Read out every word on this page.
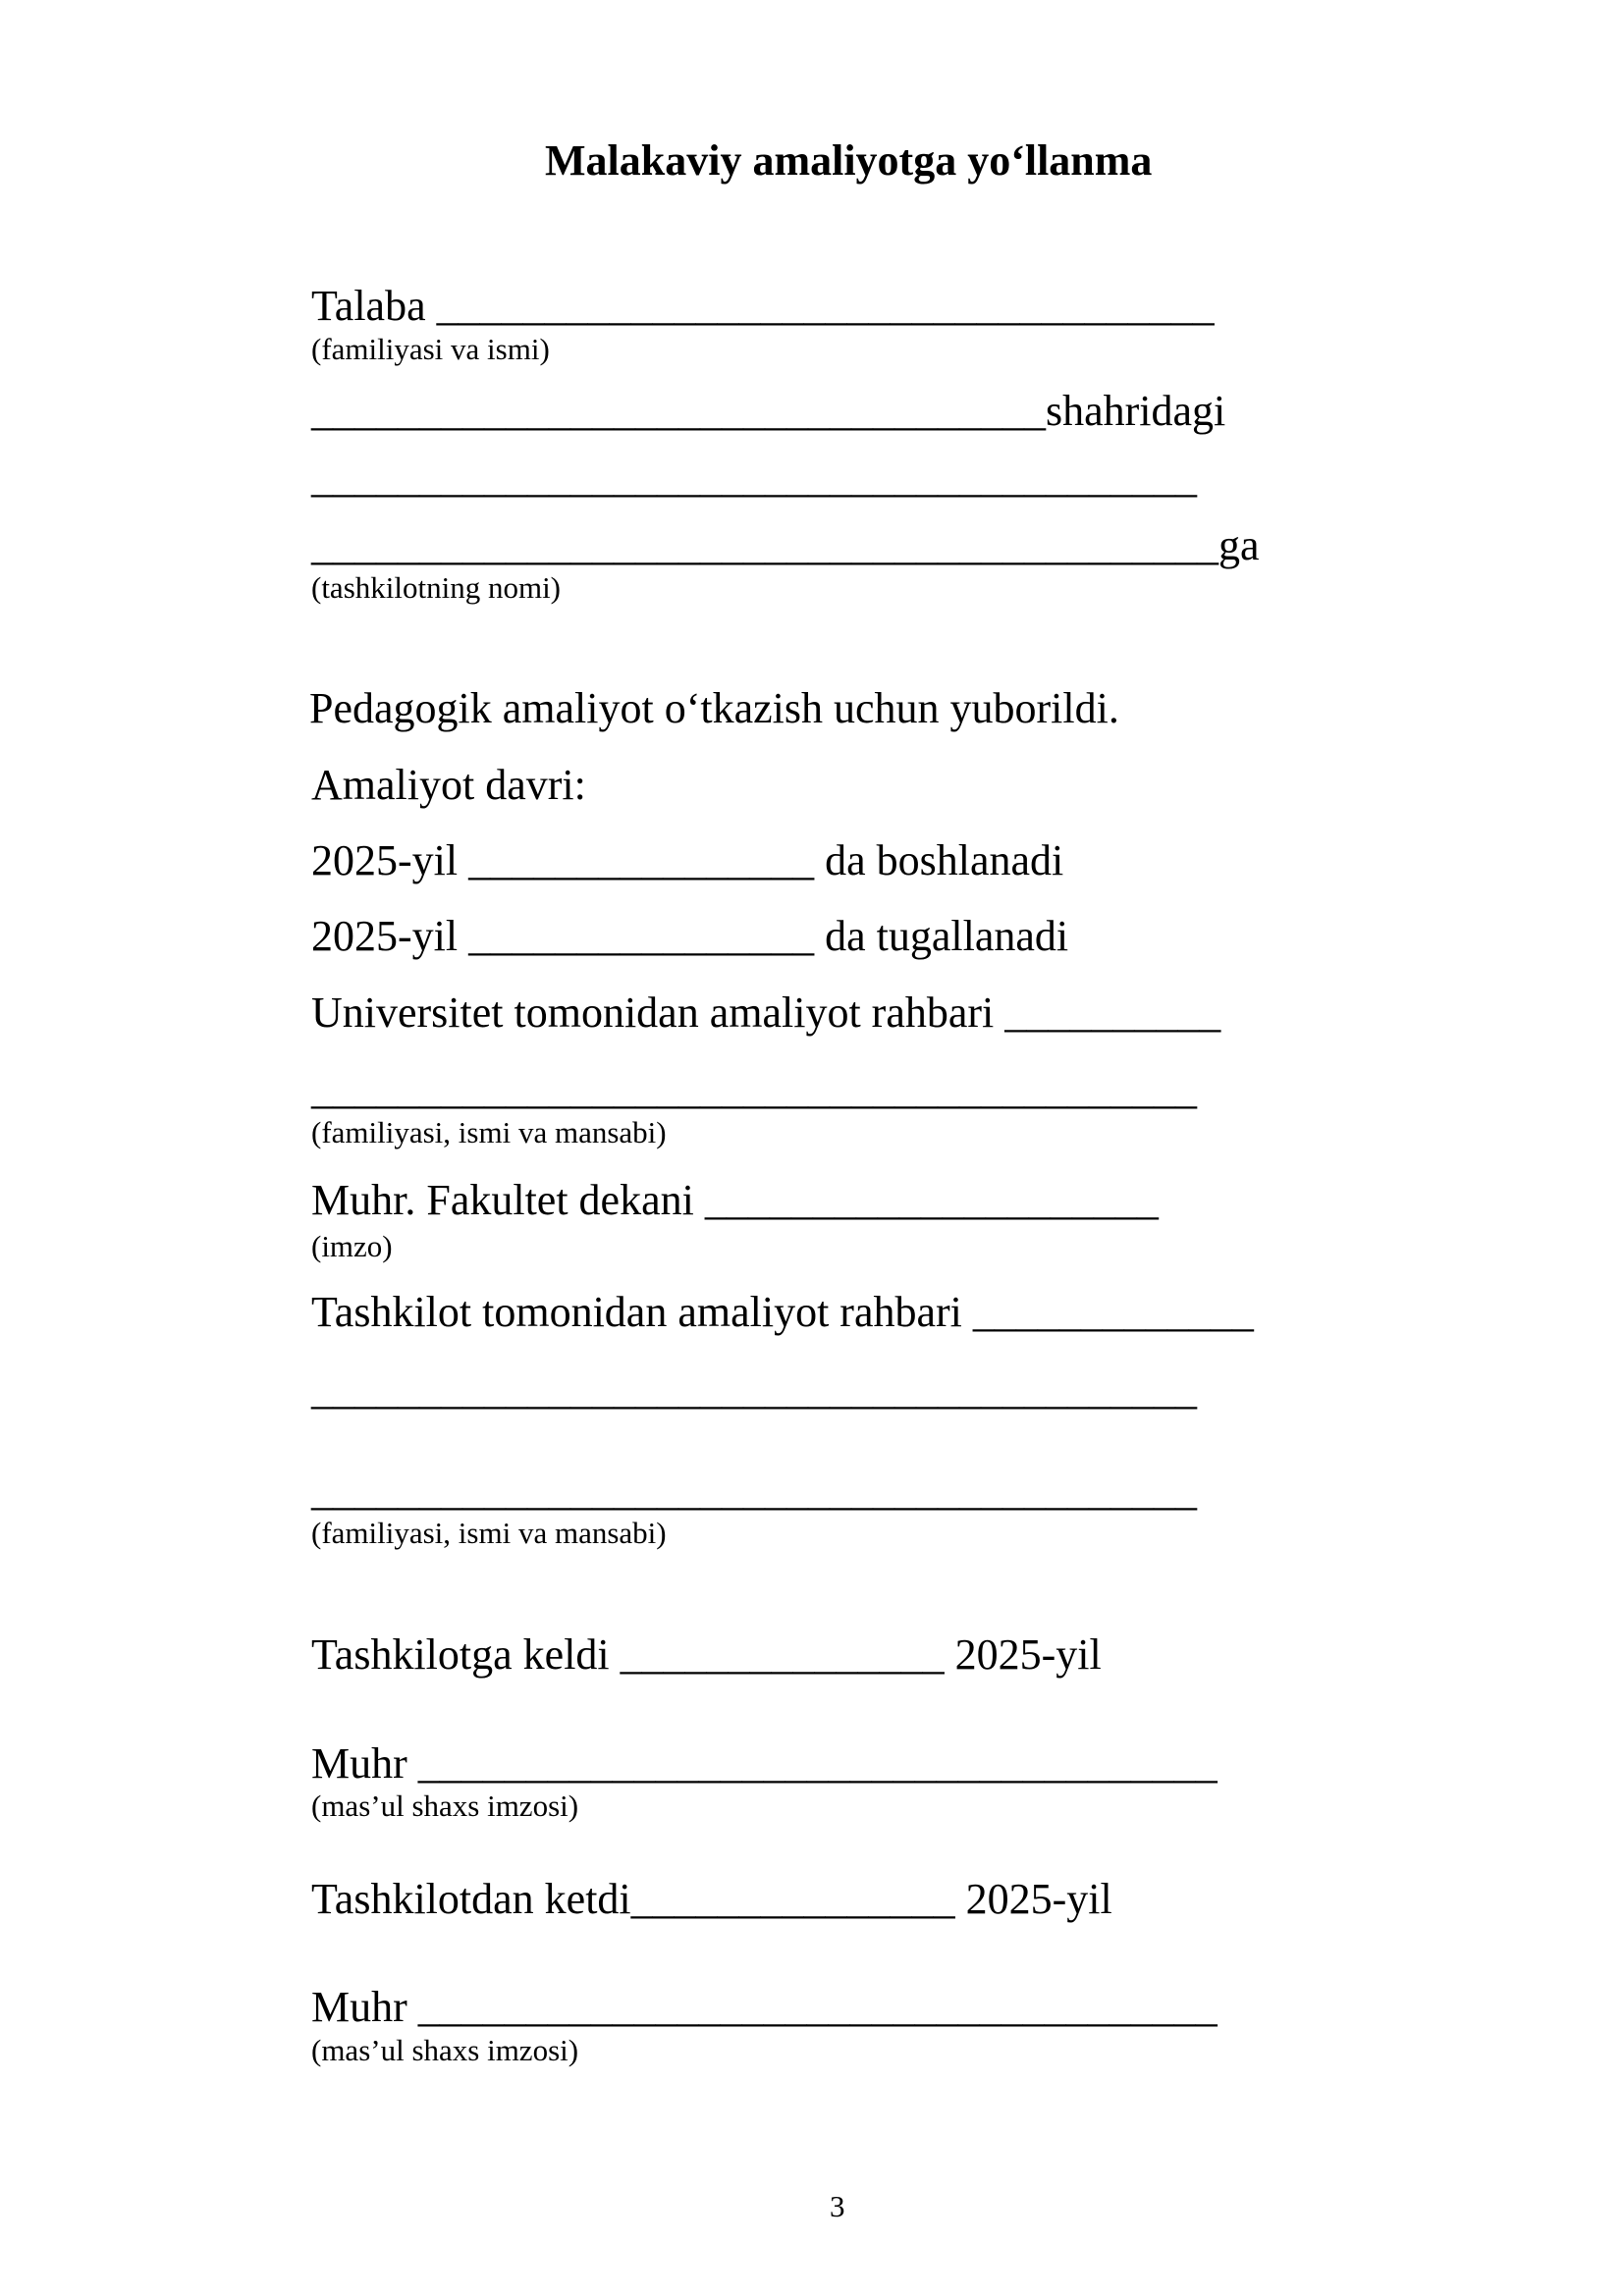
Malakaviy amaliyotga yo‘llanma
Talaba ____________________________________
(familiyasi va ismi)
__________________________________shahridagi
_________________________________________
__________________________________________ga
(tashkilotning nomi)
Pedagogik amaliyot o‘tkazish uchun yuborildi.
Amaliyot davri:
2025-yil ________________ da boshlanadi
2025-yil ________________ da tugallanadi
Universitet tomonidan amaliyot rahbari __________
_________________________________________
(familiyasi, ismi va mansabi)
Muhr. Fakultet dekani _____________________
(imzo)
Tashkilot tomonidan amaliyot rahbari _____________
_________________________________________
_________________________________________
(familiyasi, ismi va mansabi)
Tashkilotga keldi _______________ 2025-yil
Muhr _____________________________________
(mas’ul shaxs imzosi)
Tashkilotdan ketdi_______________ 2025-yil
Muhr _____________________________________
(mas’ul shaxs imzosi)
3
